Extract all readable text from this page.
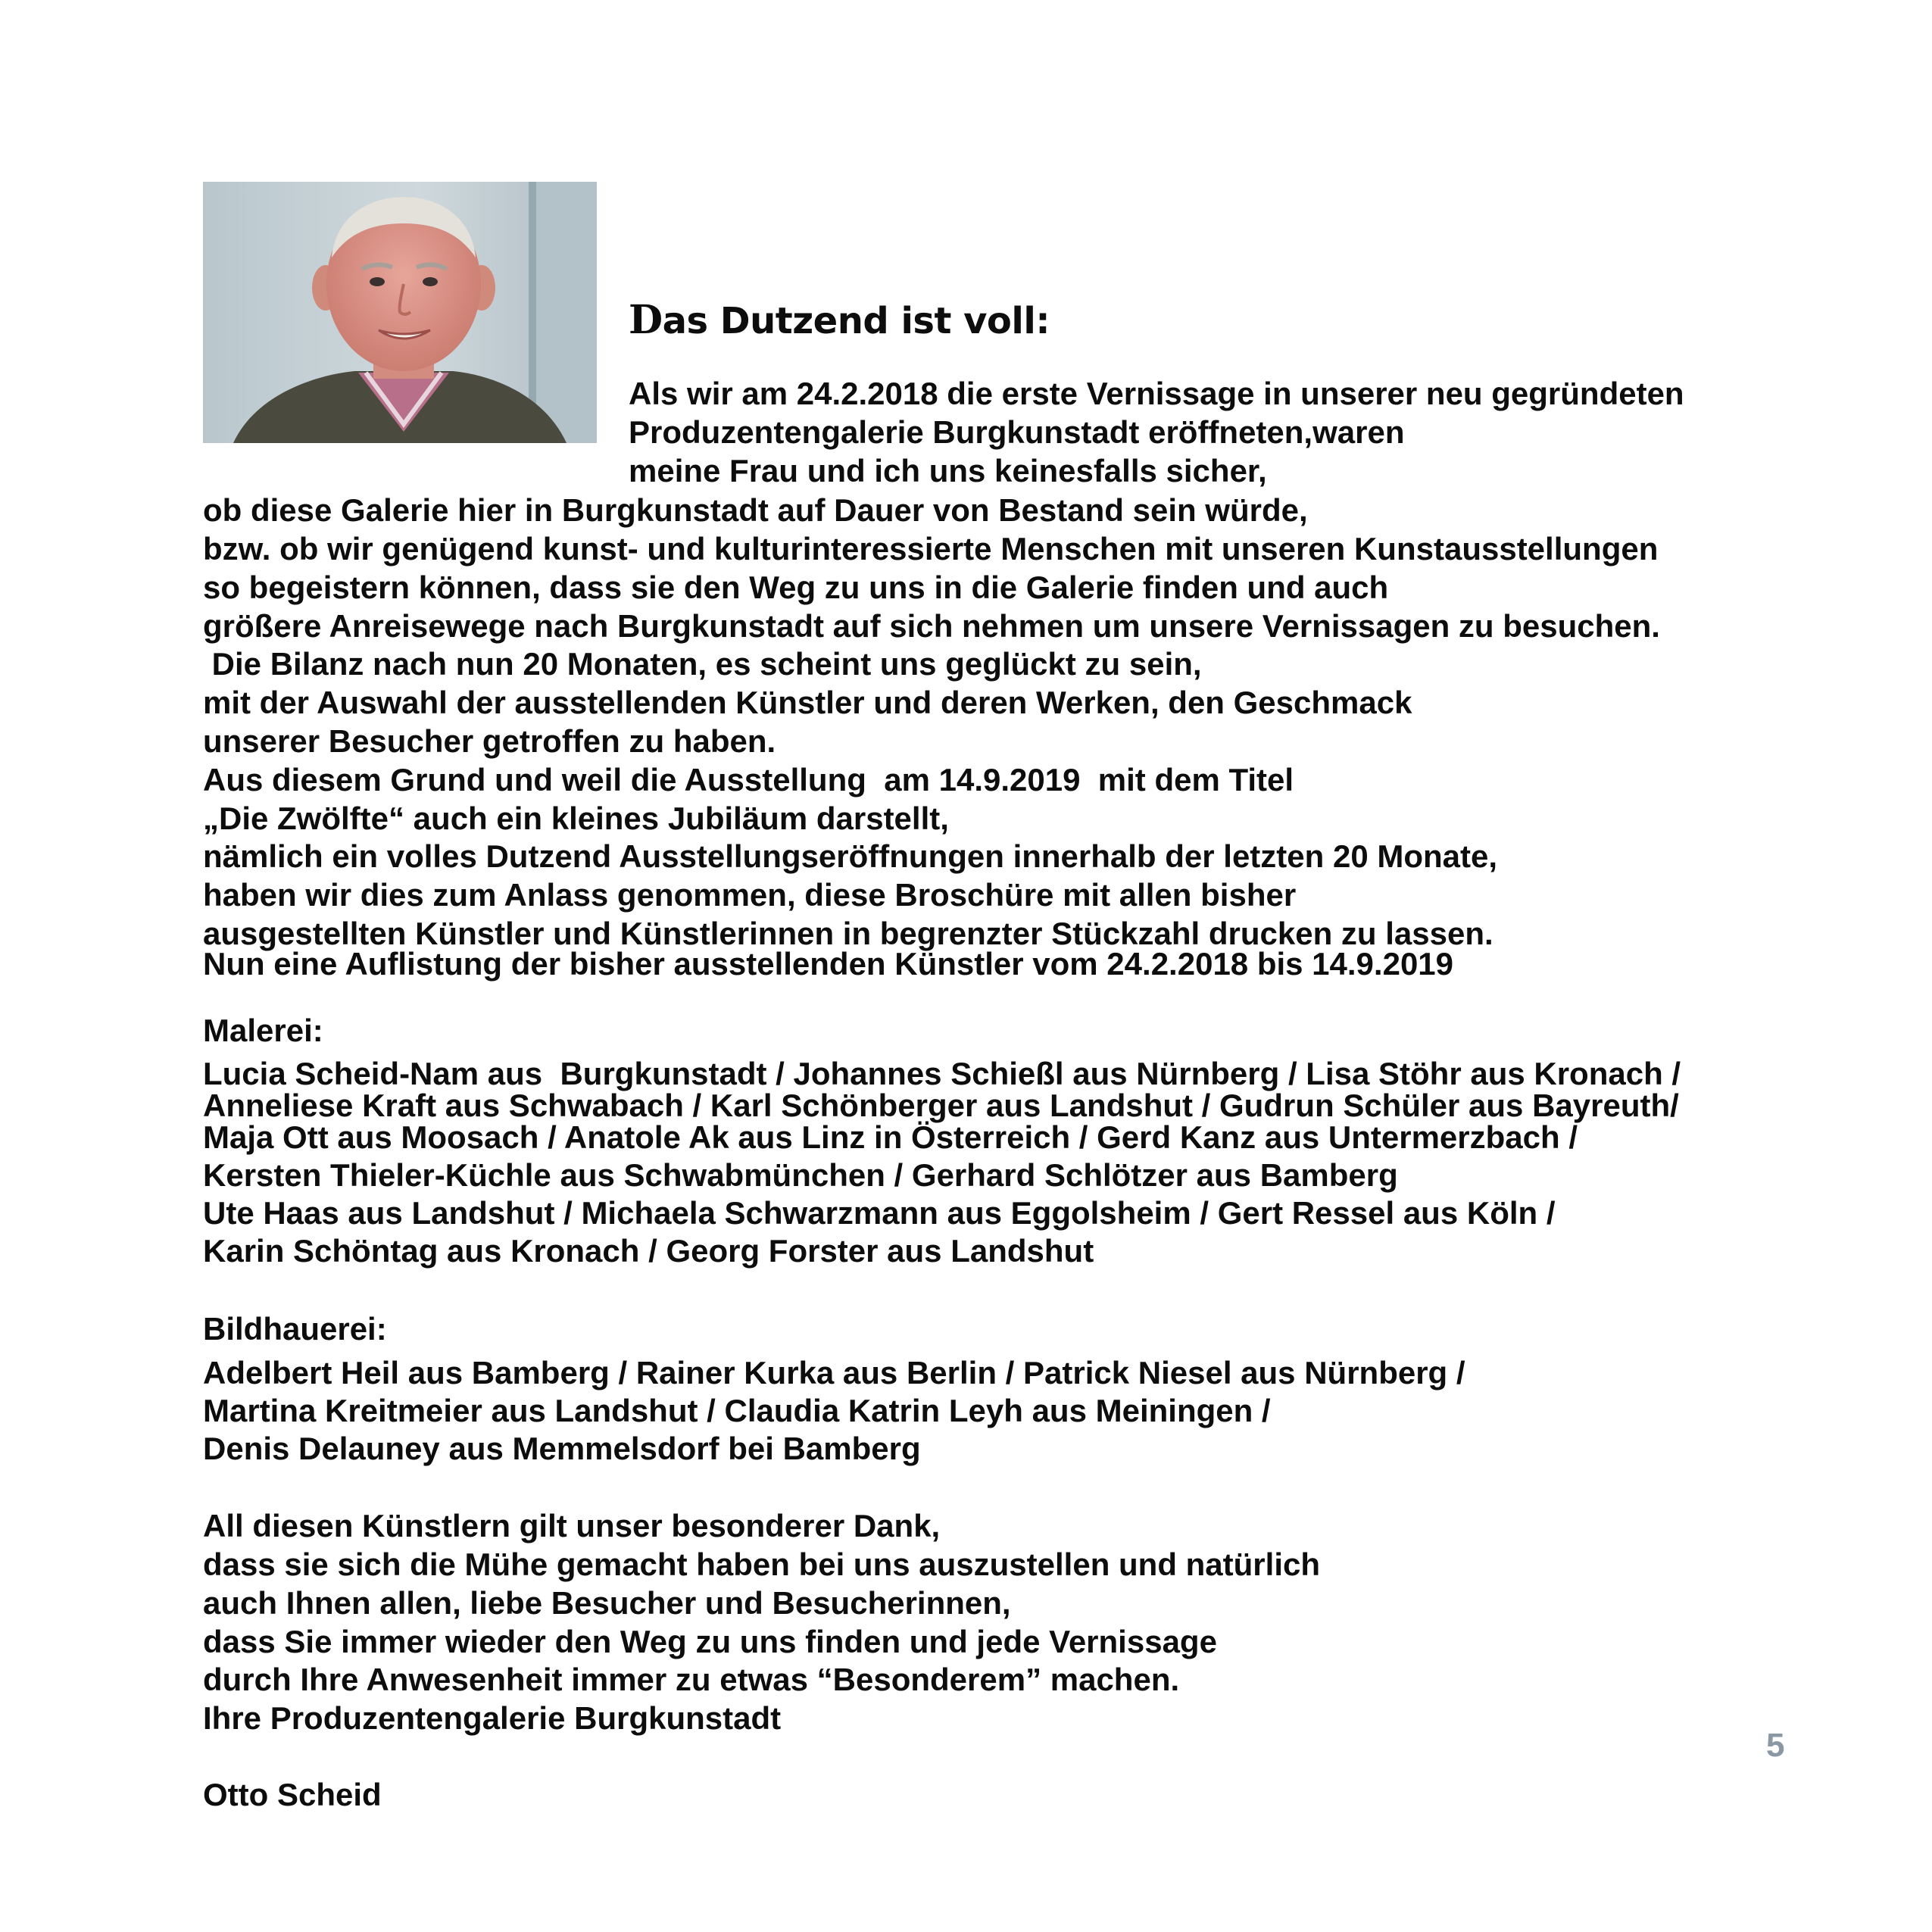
Das Dutzend ist voll:

Als wir am 24.2.2018 die erste Vernissage in unserer neu gegründeten

Produzentengalerie Burgkunstadt eröffneten,waren

meine Frau und ich uns keinesfalls sicher,

ob diese Galerie hier in Burgkunstadt auf Dauer von Bestand sein würde,

bzw. ob wir genügend kunst- und kulturinteressierte Menschen mit unseren Kunstausstellungen

so begeistern können, dass sie den Weg zu uns in die Galerie finden und auch

größere Anreisewege nach Burgkunstadt auf sich nehmen um unsere Vernissagen zu besuchen.

Die Bilanz nach nun 20 Monaten, es scheint uns geglückt zu sein,

mit der Auswahl der ausstellenden Künstler und deren Werken, den Geschmack

unserer Besucher getroffen zu haben.

Aus diesem Grund und weil die Ausstellung  am 14.9.2019  mit dem Titel

„Die Zwölfte“ auch ein kleines Jubiläum darstellt,

nämlich ein volles Dutzend Ausstellungseröffnungen innerhalb der letzten 20 Monate,

haben wir dies zum Anlass genommen, diese Broschüre mit allen bisher

ausgestellten Künstler und Künstlerinnen in begrenzter Stückzahl drucken zu lassen.

Nun eine Auflistung der bisher ausstellenden Künstler vom 24.2.2018 bis 14.9.2019

Malerei:

Lucia Scheid-Nam aus  Burgkunstadt / Johannes Schießl aus Nürnberg / Lisa Stöhr aus Kronach /

Anneliese Kraft aus Schwabach / Karl Schönberger aus Landshut / Gudrun Schüler aus Bayreuth/

Maja Ott aus Moosach / Anatole Ak aus Linz in Österreich / Gerd Kanz aus Untermerzbach /

Kersten Thieler-Küchle aus Schwabmünchen / Gerhard Schlötzer aus Bamberg

Ute Haas aus Landshut / Michaela Schwarzmann aus Eggolsheim / Gert Ressel aus Köln /

Karin Schöntag aus Kronach / Georg Forster aus Landshut

Bildhauerei:

Adelbert Heil aus Bamberg / Rainer Kurka aus Berlin / Patrick Niesel aus Nürnberg /

Martina Kreitmeier aus Landshut / Claudia Katrin Leyh aus Meiningen /

Denis Delauney aus Memmelsdorf bei Bamberg

All diesen Künstlern gilt unser besonderer Dank,

dass sie sich die Mühe gemacht haben bei uns auszustellen und natürlich

auch Ihnen allen, liebe Besucher und Besucherinnen,

dass Sie immer wieder den Weg zu uns finden und jede Vernissage

durch Ihre Anwesenheit immer zu etwas “Besonderem” machen.

Ihre Produzentengalerie Burgkunstadt

Otto Scheid

5
